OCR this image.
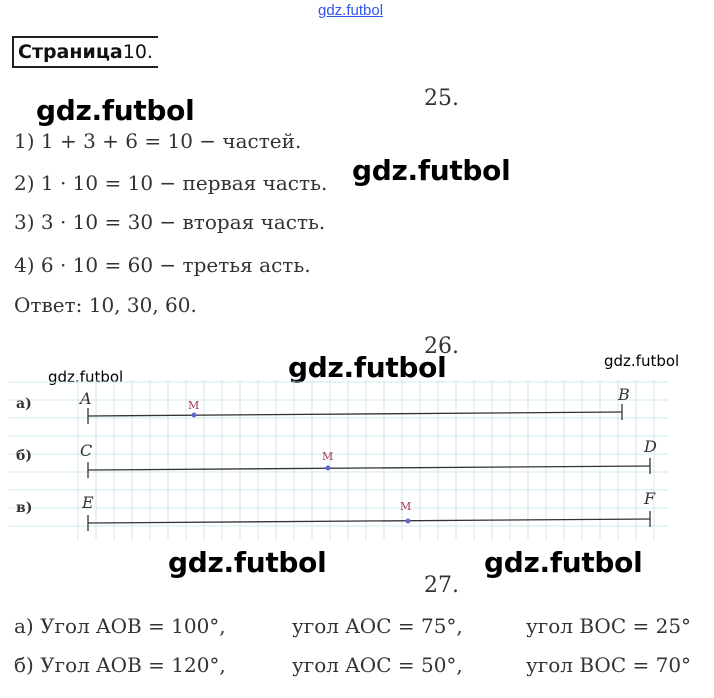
gdz.futbol
Страница10.
gdz.futbol
gdz.futbol
gdz.futbol
gdz.futbol
gdz.futbol
25.
1) 1 + 3 + 6 = 10 − частей.
2) 1 · 10 = 10 − первая часть.
3) 3 · 10 = 30 − вторая часть.
4) 6 · 10 = 60 − третья асть.
Ответ: 10, 30, 60.
26.
а)	A	B
M
б)	C	D
M
в)	E	F
M
gdz.futbol	gdz.futbol
27.
а) Угол AOB = 100°,	угол AOC = 75°,	угол BOC = 25°
б) Угол AOB = 120°,	угол AOC = 50°,	угол BOC = 70°
